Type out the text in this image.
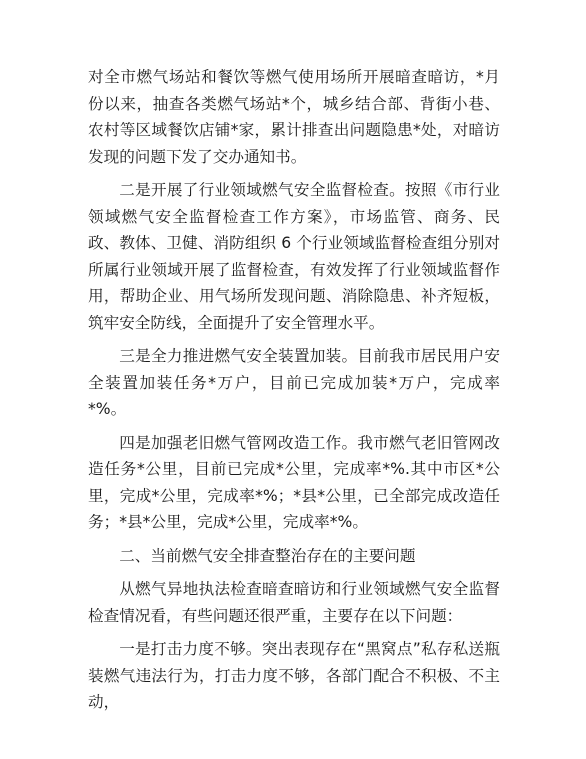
对全市燃气场站和餐饮等燃气使用场所开展暗查暗访，*月份以来，抽查各类燃气场站*个，城乡结合部、背街小巷、农村等区域餐饮店铺*家，累计排查出问题隐患*处，对暗访发现的问题下发了交办通知书。

二是开展了行业领域燃气安全监督检查。按照《市行业领域燃气安全监督检查工作方案》，市场监管、商务、民政、教体、卫健、消防组织 6 个行业领域监督检查组分别对所属行业领域开展了监督检查，有效发挥了行业领域监督作用，帮助企业、用气场所发现问题、消除隐患、补齐短板，筑牢安全防线，全面提升了安全管理水平。

三是全力推进燃气安全装置加装。目前我市居民用户安全装置加装任务*万户，目前已完成加装*万户，完成率*%。

四是加强老旧燃气管网改造工作。我市燃气老旧管网改造任务*公里，目前已完成*公里，完成率*%.其中市区*公里，完成*公里，完成率*%；*县*公里，已全部完成改造任务；*县*公里，完成*公里，完成率*%。

二、当前燃气安全排查整治存在的主要问题

从燃气异地执法检查暗查暗访和行业领域燃气安全监督检查情况看，有些问题还很严重，主要存在以下问题：

一是打击力度不够。突出表现存在“黑窝点”私存私送瓶装燃气违法行为，打击力度不够，各部门配合不积极、不主动，
